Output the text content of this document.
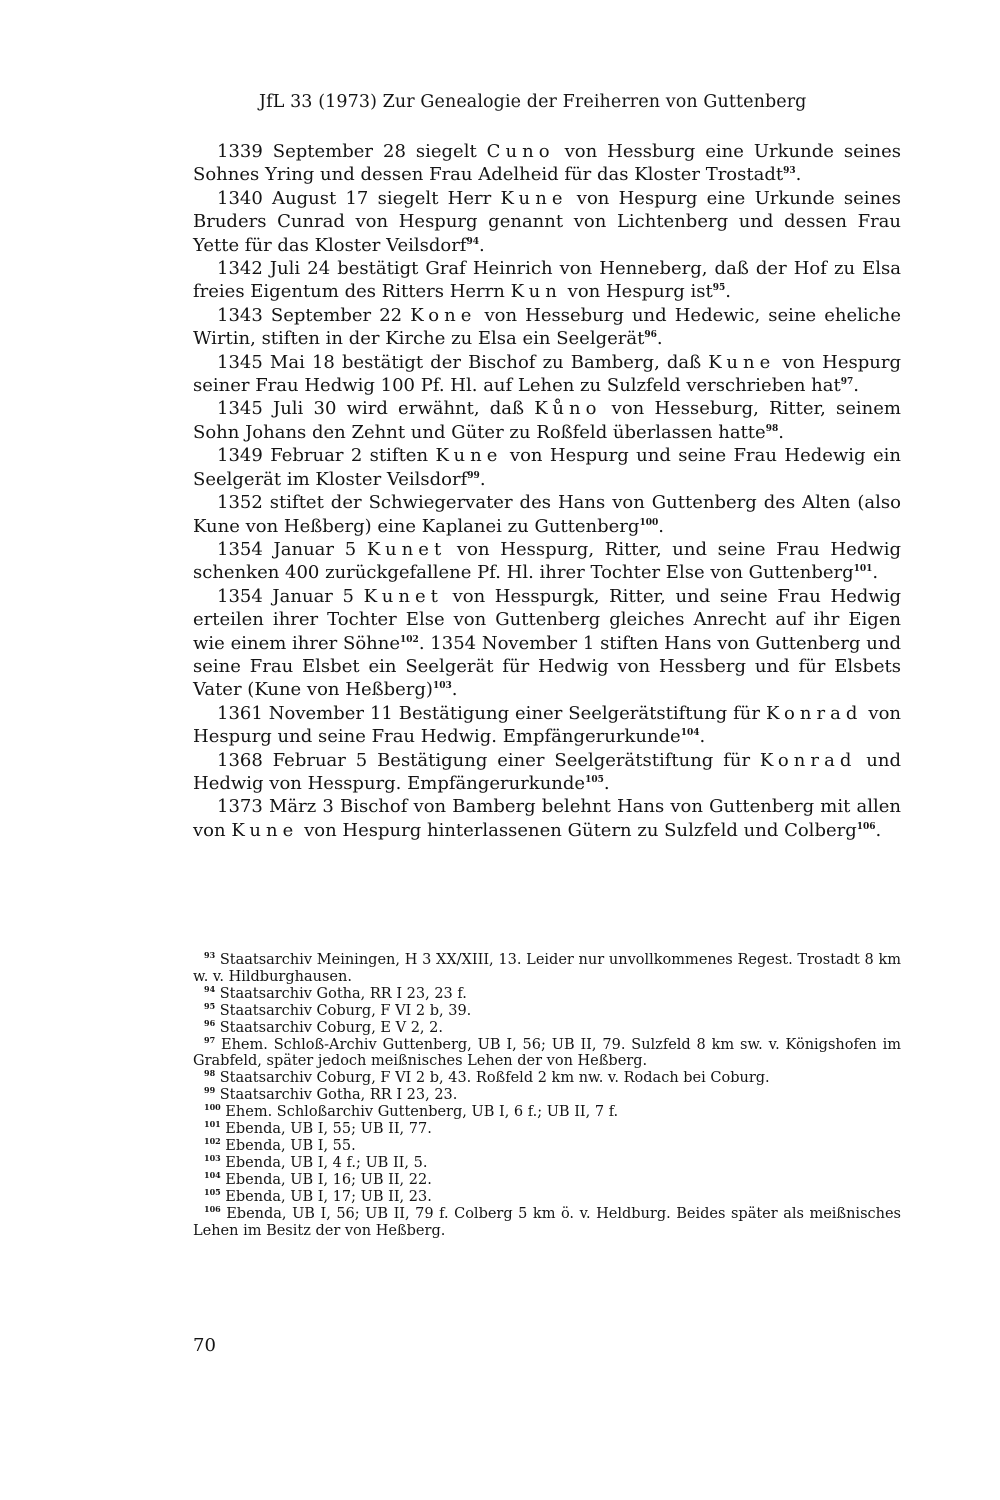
JfL 33 (1973) Zur Genealogie der Freiherren von Guttenberg

1339 September 28 siegelt Cuno von Hessburg eine Urkunde seines Sohnes Yring und dessen Frau Adelheid für das Kloster Trostadt$^{93}$.

1340 August 17 siegelt Herr Kune von Hespurg eine Urkunde seines Bruders Cunrad von Hespurg genannt von Lichtenberg und dessen Frau Yette für das Kloster Veilsdorf$^{94}$.

1342 Juli 24 bestätigt Graf Heinrich von Henneberg, daß der Hof zu Elsa freies Eigentum des Ritters Herrn Kun von Hespurg ist$^{95}$.

1343 September 22 Kone von Hesseburg und Hedewic, seine eheliche Wirtin, stiften in der Kirche zu Elsa ein Seelgerät$^{96}$.

1345 Mai 18 bestätigt der Bischof zu Bamberg, daß Kune von Hespurg seiner Frau Hedwig 100 Pf. Hl. auf Lehen zu Sulzfeld verschrieben hat$^{97}$.

1345 Juli 30 wird erwähnt, daß Kůno von Hesseburg, Ritter, seinem Sohn Johans den Zehnt und Güter zu Roßfeld überlassen hatte$^{98}$.

1349 Februar 2 stiften Kune von Hespurg und seine Frau Hedewig ein Seelgerät im Kloster Veilsdorf$^{99}$.

1352 stiftet der Schwiegervater des Hans von Guttenberg des Alten (also Kune von Heßberg) eine Kaplanei zu Guttenberg$^{100}$.

1354 Januar 5 Kunet von Hesspurg, Ritter, und seine Frau Hedwig schenken 400 zurückgefallene Pf. Hl. ihrer Tochter Else von Guttenberg$^{101}$.

1354 Januar 5 Kunet von Hesspurgk, Ritter, und seine Frau Hedwig erteilen ihrer Tochter Else von Guttenberg gleiches Anrecht auf ihr Eigen wie einem ihrer Söhne$^{102}$. 1354 November 1 stiften Hans von Guttenberg und seine Frau Elsbet ein Seelgerät für Hedwig von Hessberg und für Elsbets Vater (Kune von Heßberg)$^{103}$.

1361 November 11 Bestätigung einer Seelgerätstiftung für Konrad von Hespurg und seine Frau Hedwig. Empfängerurkunde$^{104}$.

1368 Februar 5 Bestätigung einer Seelgerätstiftung für Konrad und Hedwig von Hesspurg. Empfängerurkunde$^{105}$.

1373 März 3 Bischof von Bamberg belehnt Hans von Guttenberg mit allen von Kune von Hespurg hinterlassenen Gütern zu Sulzfeld und Colberg$^{106}$.

$^{93}$ Staatsarchiv Meiningen, H 3 XX/XIII, 13. Leider nur unvollkommenes Regest. Trostadt 8 km w. v. Hildburghausen.

$^{94}$ Staatsarchiv Gotha, RR I 23, 23 f.

$^{95}$ Staatsarchiv Coburg, F VI 2 b, 39.

$^{96}$ Staatsarchiv Coburg, E V 2, 2.

$^{97}$ Ehem. Schloß-Archiv Guttenberg, UB I, 56; UB II, 79. Sulzfeld 8 km sw. v. Königshofen im Grabfeld, später jedoch meißnisches Lehen der von Heßberg.

$^{98}$ Staatsarchiv Coburg, F VI 2 b, 43. Roßfeld 2 km nw. v. Rodach bei Coburg.

$^{99}$ Staatsarchiv Gotha, RR I 23, 23.

$^{100}$ Ehem. Schloßarchiv Guttenberg, UB I, 6 f.; UB II, 7 f.

$^{101}$ Ebenda, UB I, 55; UB II, 77.

$^{102}$ Ebenda, UB I, 55.

$^{103}$ Ebenda, UB I, 4 f.; UB II, 5.

$^{104}$ Ebenda, UB I, 16; UB II, 22.

$^{105}$ Ebenda, UB I, 17; UB II, 23.

$^{106}$ Ebenda, UB I, 56; UB II, 79 f. Colberg 5 km ö. v. Heldburg. Beides später als meißnisches Lehen im Besitz der von Heßberg.

70
